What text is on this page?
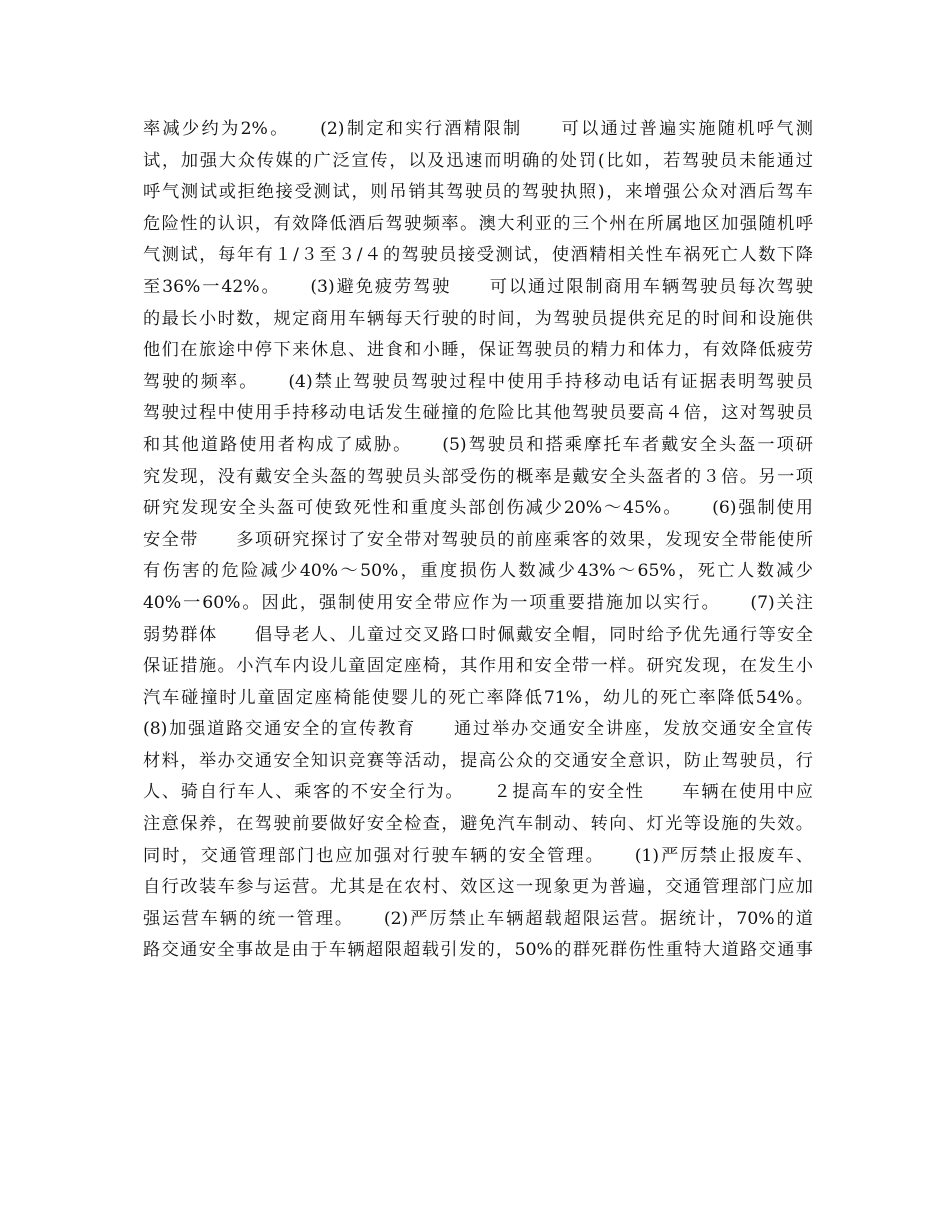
率减少约为2%。　　(2)制定和实行酒精限制　　可以通过普遍实施随机呼气测
试，加强大众传媒的广泛宣传，以及迅速而明确的处罚(比如，若驾驶员未能通过
呼气测试或拒绝接受测试，则吊销其驾驶员的驾驶执照)，来增强公众对酒后驾车
危险性的认识，有效降低酒后驾驶频率。澳大利亚的三个州在所属地区加强随机呼
气测试，每年有１/３至３/４的驾驶员接受测试，使酒精相关性车祸死亡人数下降
至36%一42%。　　(3)避免疲劳驾驶　　可以通过限制商用车辆驾驶员每次驾驶
的最长小时数，规定商用车辆每天行驶的时间，为驾驶员提供充足的时间和设施供
他们在旅途中停下来休息、进食和小睡，保证驾驶员的精力和体力，有效降低疲劳
驾驶的频率。　　(4)禁止驾驶员驾驶过程中使用手持移动电话有证据表明驾驶员
驾驶过程中使用手持移动电话发生碰撞的危险比其他驾驶员要高４倍，这对驾驶员
和其他道路使用者构成了威胁。　　(5)驾驶员和搭乘摩托车者戴安全头盔一项研
究发现，没有戴安全头盔的驾驶员头部受伤的概率是戴安全头盔者的３倍。另一项
研究发现安全头盔可使致死性和重度头部创伤减少20%～45%。　　(6)强制使用
安全带　　多项研究探讨了安全带对驾驶员的前座乘客的效果，发现安全带能使所
有伤害的危险减少40%～50%，重度损伤人数减少43%～65%，死亡人数减少
40%一60%。因此，强制使用安全带应作为一项重要措施加以实行。　　(7)关注
弱势群体　　倡导老人、儿童过交叉路口时佩戴安全帽，同时给予优先通行等安全
保证措施。小汽车内设儿童固定座椅，其作用和安全带一样。研究发现，在发生小
汽车碰撞时儿童固定座椅能使婴儿的死亡率降低71%，幼儿的死亡率降低54%。
(8)加强道路交通安全的宣传教育　　通过举办交通安全讲座，发放交通安全宣传
材料，举办交通安全知识竞赛等活动，提高公众的交通安全意识，防止驾驶员，行
人、骑自行车人、乘客的不安全行为。　　２提高车的安全性　　车辆在使用中应
注意保养，在驾驶前要做好安全检查，避免汽车制动、转向、灯光等设施的失效。
同时，交通管理部门也应加强对行驶车辆的安全管理。　　(1)严厉禁止报废车、
自行改装车参与运营。尤其是在农村、效区这一现象更为普遍，交通管理部门应加
强运营车辆的统一管理。　　(2)严厉禁止车辆超载超限运营。据统计，70%的道
路交通安全事故是由于车辆超限超载引发的，50%的群死群伤性重特大道路交通事
